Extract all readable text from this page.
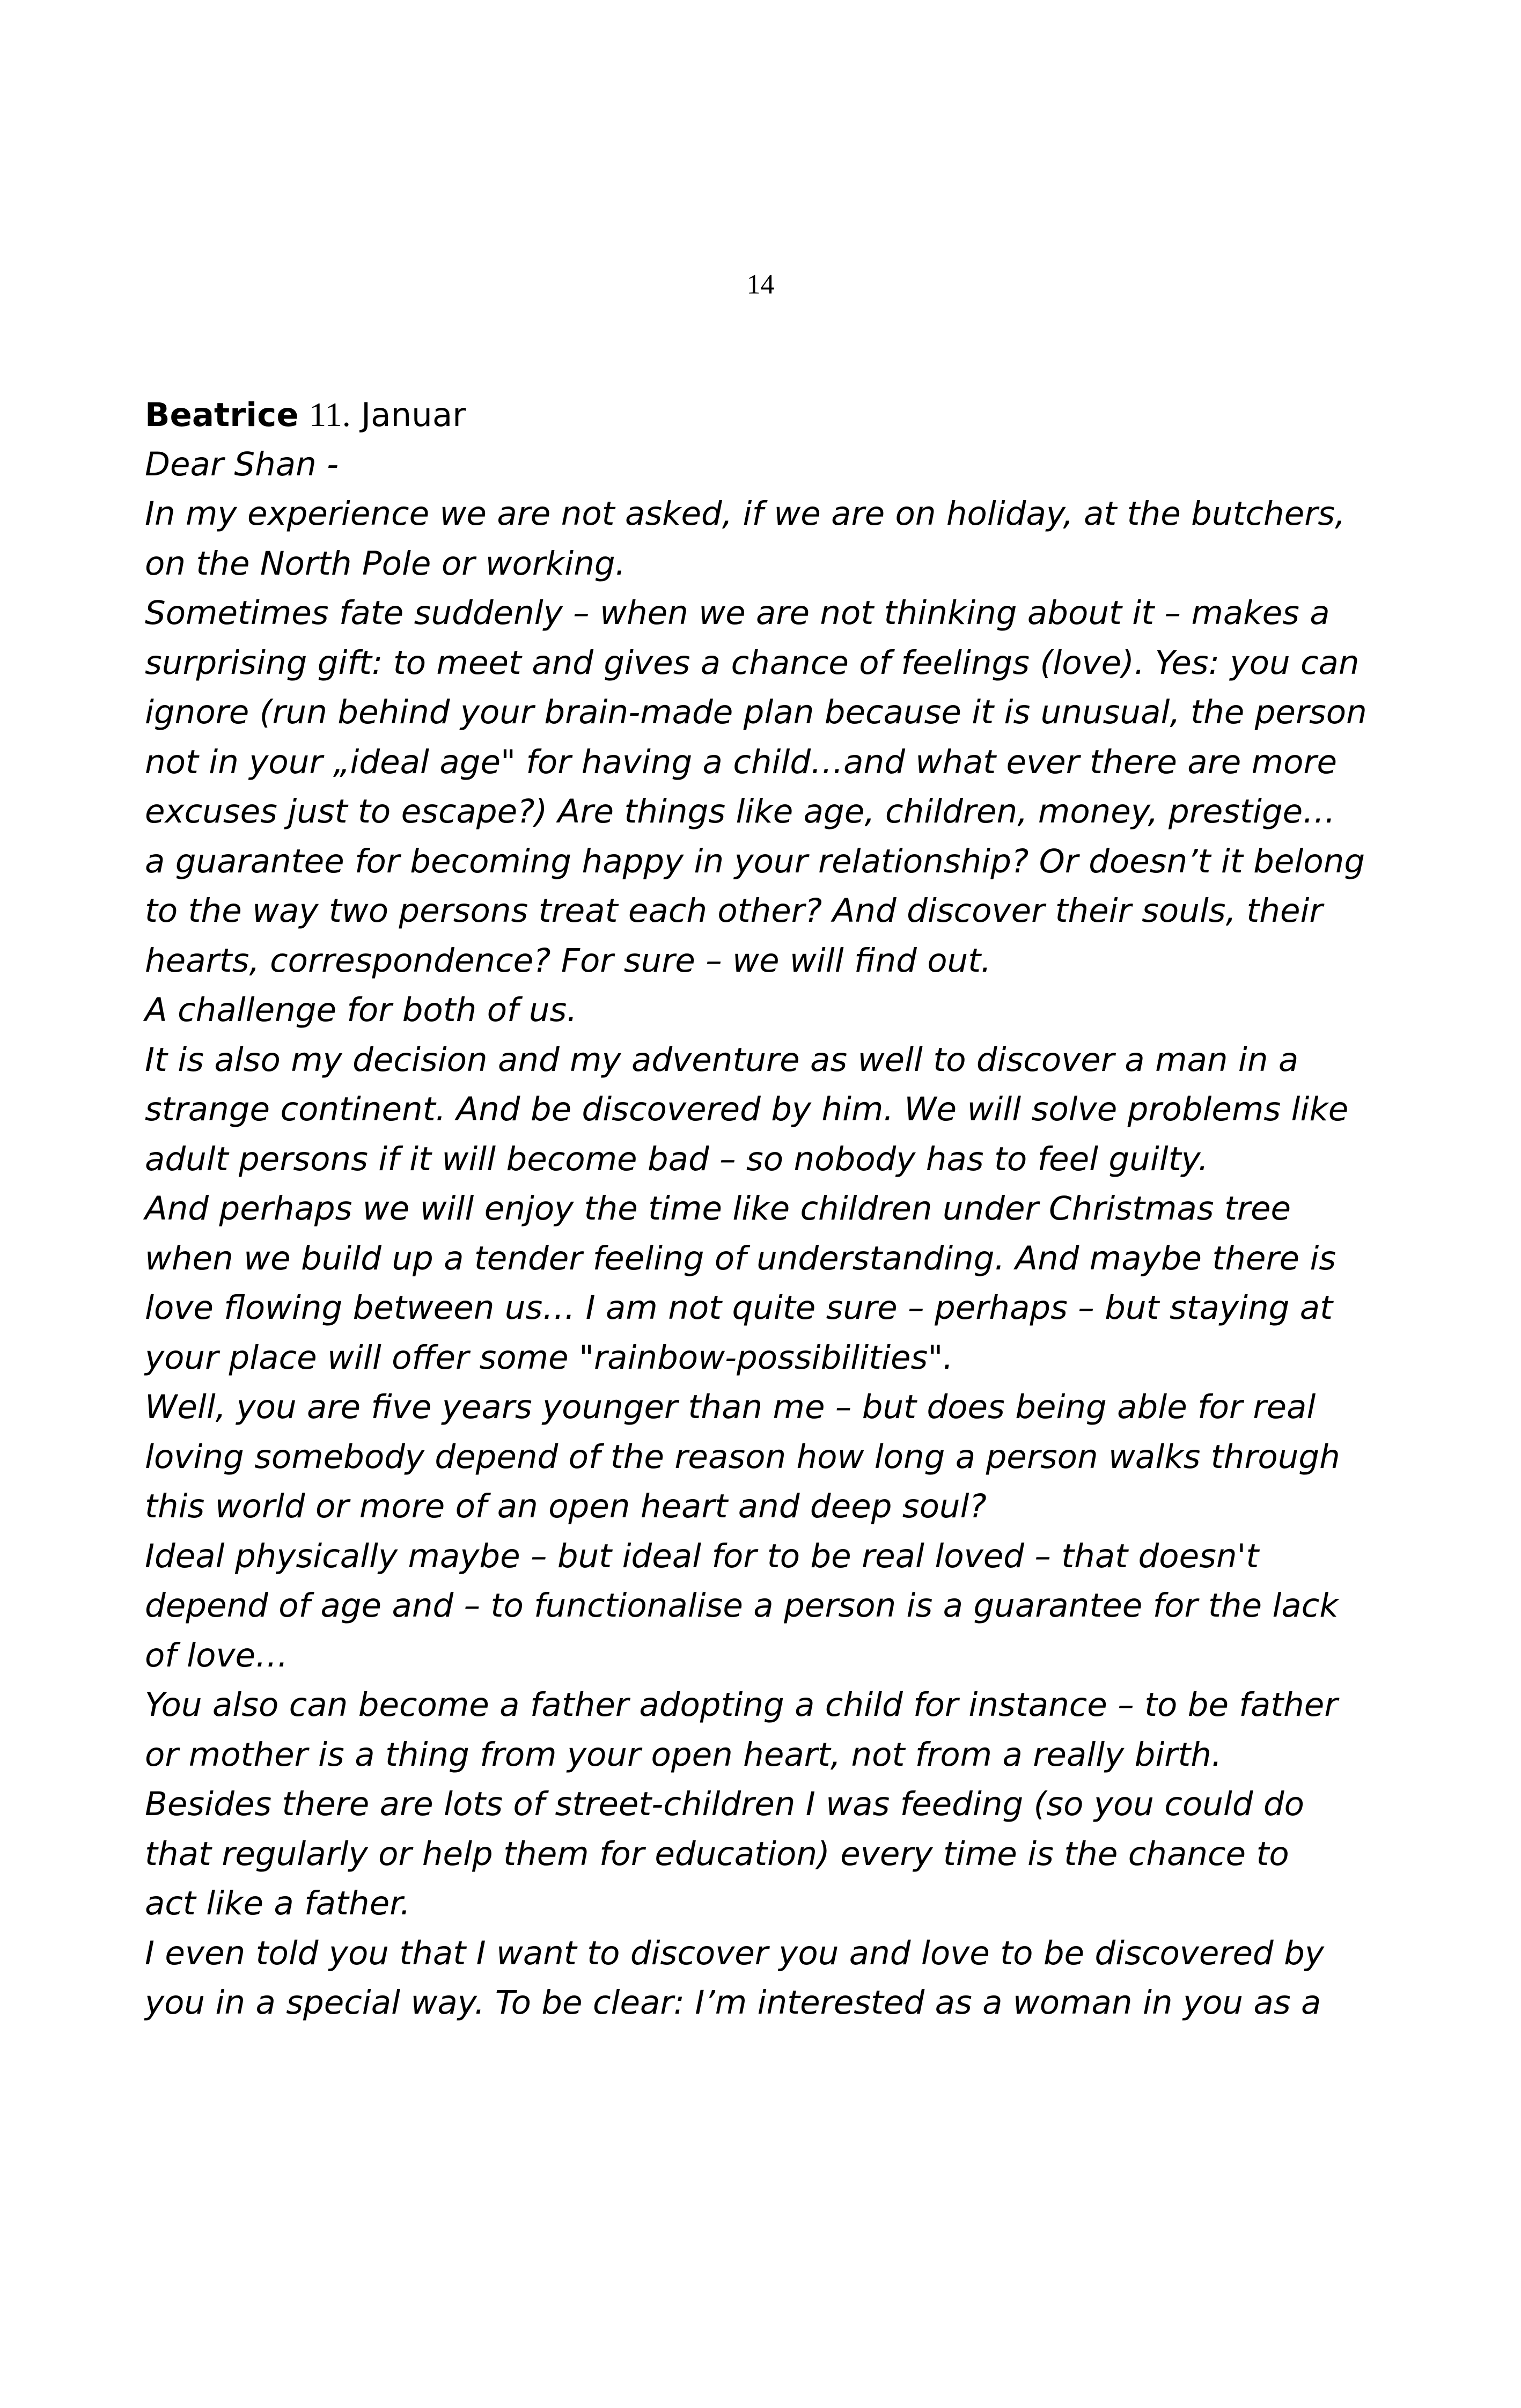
14
Beatrice 11. Januar
Dear Shan -
In my experience we are not asked, if we are on holiday, at the butchers,
on the North Pole or working.
Sometimes fate suddenly – when we are not thinking about it – makes a
surprising gift: to meet and gives a chance of feelings (love). Yes: you can
ignore (run behind your brain-made plan because it is unusual, the person
not in your „ideal age" for having a child…and what ever there are more
excuses just to escape?) Are things like age, children, money, prestige…
a guarantee for becoming happy in your relationship? Or doesn’t it belong
to the way two persons treat each other? And discover their souls, their
hearts, correspondence? For sure – we will find out.
A challenge for both of us.
It is also my decision and my adventure as well to discover a man in a
strange continent. And be discovered by him. We will solve problems like
adult persons if it will become bad – so nobody has to feel guilty.
And perhaps we will enjoy the time like children under Christmas tree
when we build up a tender feeling of understanding. And maybe there is
love flowing between us… I am not quite sure – perhaps – but staying at
your place will offer some "rainbow-possibilities".
Well, you are five years younger than me – but does being able for real
loving somebody depend of the reason how long a person walks through
this world or more of an open heart and deep soul?
Ideal physically maybe – but ideal for to be real loved – that doesn't
depend of age and – to functionalise a person is a guarantee for the lack
of love…
You also can become a father adopting a child for instance – to be father
or mother is a thing from your open heart, not from a really birth.
Besides there are lots of street-children I was feeding (so you could do
that regularly or help them for education) every time is the chance to
act like a father.
I even told you that I want to discover you and love to be discovered by
you in a special way. To be clear: I’m interested as a woman in you as a
